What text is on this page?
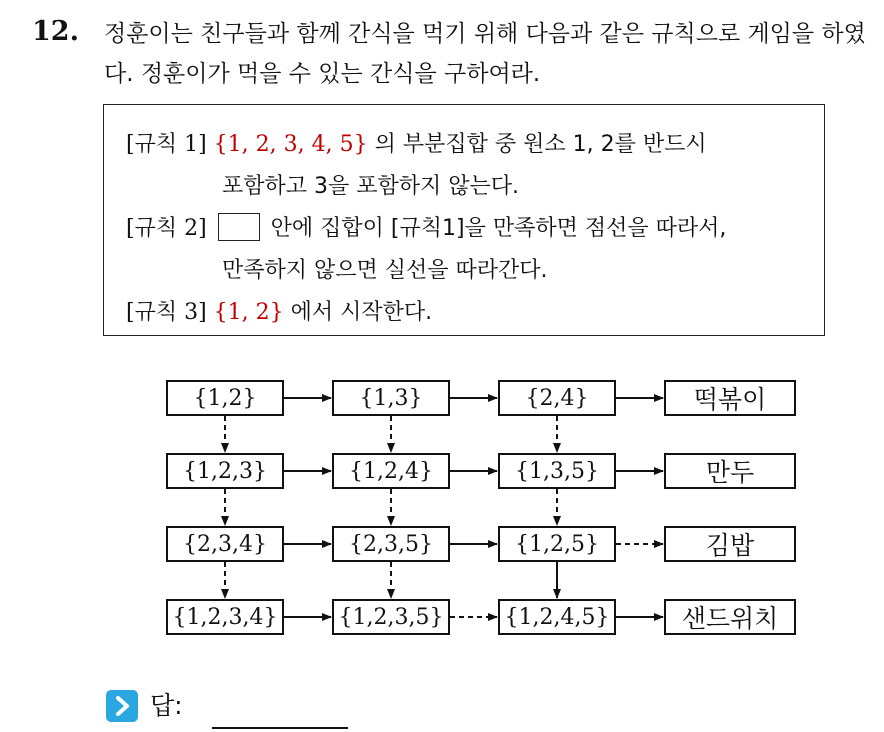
12. 정훈이는 친구들과 함께 간식을 먹기 위해 다음과 같은 규칙으로 게임을 하였다. 정훈이가 먹을 수 있는 간식을 구하여라.
[규칙 1] {1, 2, 3, 4, 5} 의 부분집합 중 원소 1, 2를 반드시
포함하고 3을 포함하지 않는다.
[규칙 2]	안에 집합이 [규칙1]을 만족하면 점선을 따라서,
만족하지 않으면 실선을 따라간다.
[규칙 3] {1, 2} 에서 시작한다.
{1,2}	{1,3}	{2,4}	떡볶이
{1,2,3}	{1,2,4}	{1,3,5}	만두
{2,3,4}	{2,3,5}	{1,2,5}	김밥
{1,2,3,4}	{1,2,3,5}	{1,2,4,5}	샌드위치
답:
